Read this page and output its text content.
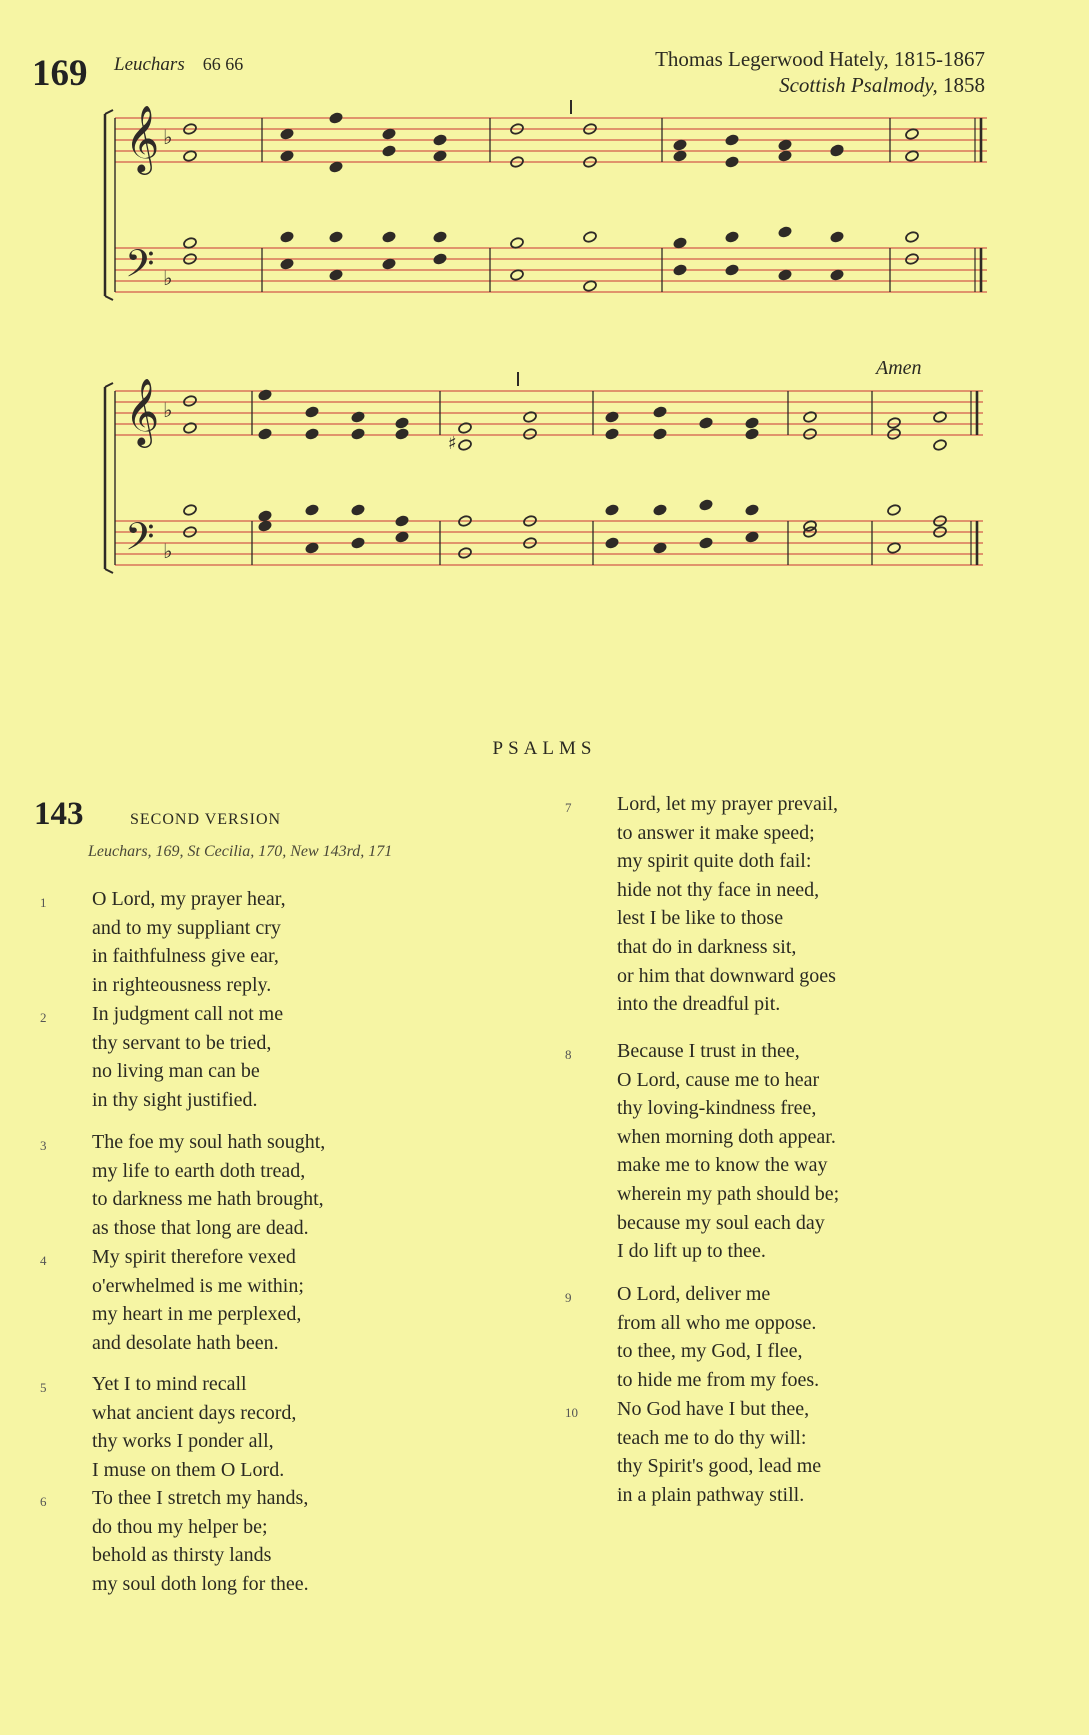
169 Leuchars 66 66	Thomas Legerwood Hately, 1815-1867
Scottish Psalmody, 1858
♯
𝄞
𝄢
♭
♭
𝄞
𝄢
♭
♭
Amen
PSALMS
143	SECOND VERSION
Leuchars, 169, St Cecilia, 170, New 143rd, 171
1 O Lord, my prayer hear,
and to my suppliant cry
in faithfulness give ear,
in righteousness reply.
2 In judgment call not me
thy servant to be tried,
no living man can be
in thy sight justified.
3 The foe my soul hath sought,
my life to earth doth tread,
to darkness me hath brought,
as those that long are dead.
4 My spirit therefore vexed
o'erwhelmed is me within;
my heart in me perplexed,
and desolate hath been.
5 Yet I to mind recall
what ancient days record,
thy works I ponder all,
I muse on them O Lord.
6 To thee I stretch my hands,
do thou my helper be;
behold as thirsty lands
my soul doth long for thee.
7 Lord, let my prayer prevail,
to answer it make speed;
my spirit quite doth fail:
hide not thy face in need,
lest I be like to those
that do in darkness sit,
or him that downward goes
into the dreadful pit.
8 Because I trust in thee,
O Lord, cause me to hear
thy loving-kindness free,
when morning doth appear.
make me to know the way
wherein my path should be;
because my soul each day
I do lift up to thee.
9 O Lord, deliver me
from all who me oppose.
to thee, my God, I flee,
to hide me from my foes.
10 No God have I but thee,
teach me to do thy will:
thy Spirit's good, lead me
in a plain pathway still.
